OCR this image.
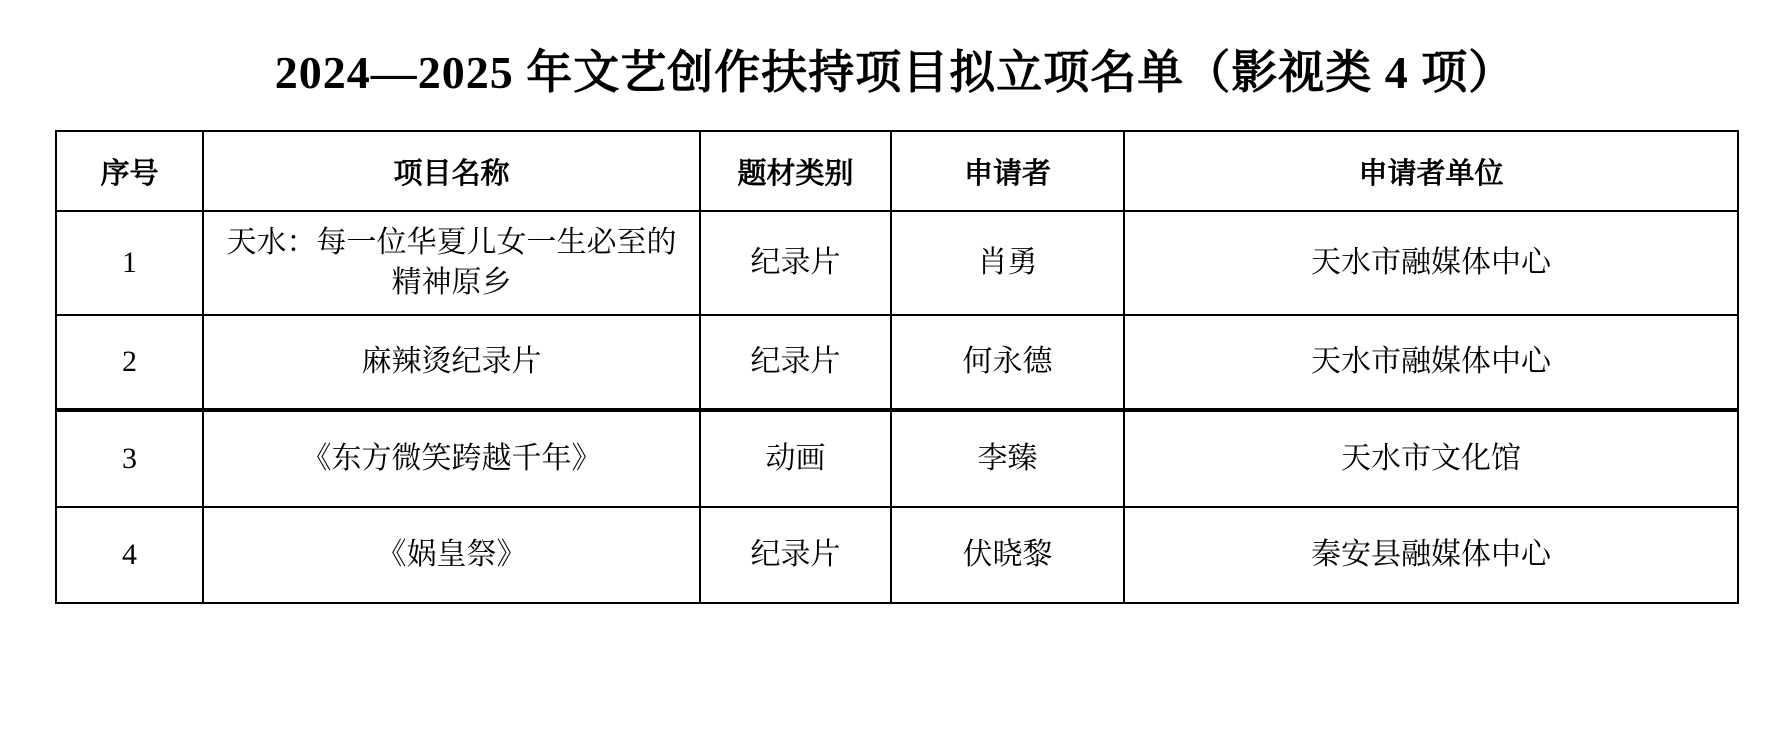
2024—2025 年文艺创作扶持项目拟立项名单（影视类 4 项）
序号	项目名称	题材类别	申请者	申请者单位
1	天水：每一位华夏儿女一生必至的精神原乡	纪录片	肖勇	天水市融媒体中心
2	麻辣烫纪录片	纪录片	何永德	天水市融媒体中心
3	《东方微笑跨越千年》	动画	李臻	天水市文化馆
4	《娲皇祭》	纪录片	伏晓黎	秦安县融媒体中心
